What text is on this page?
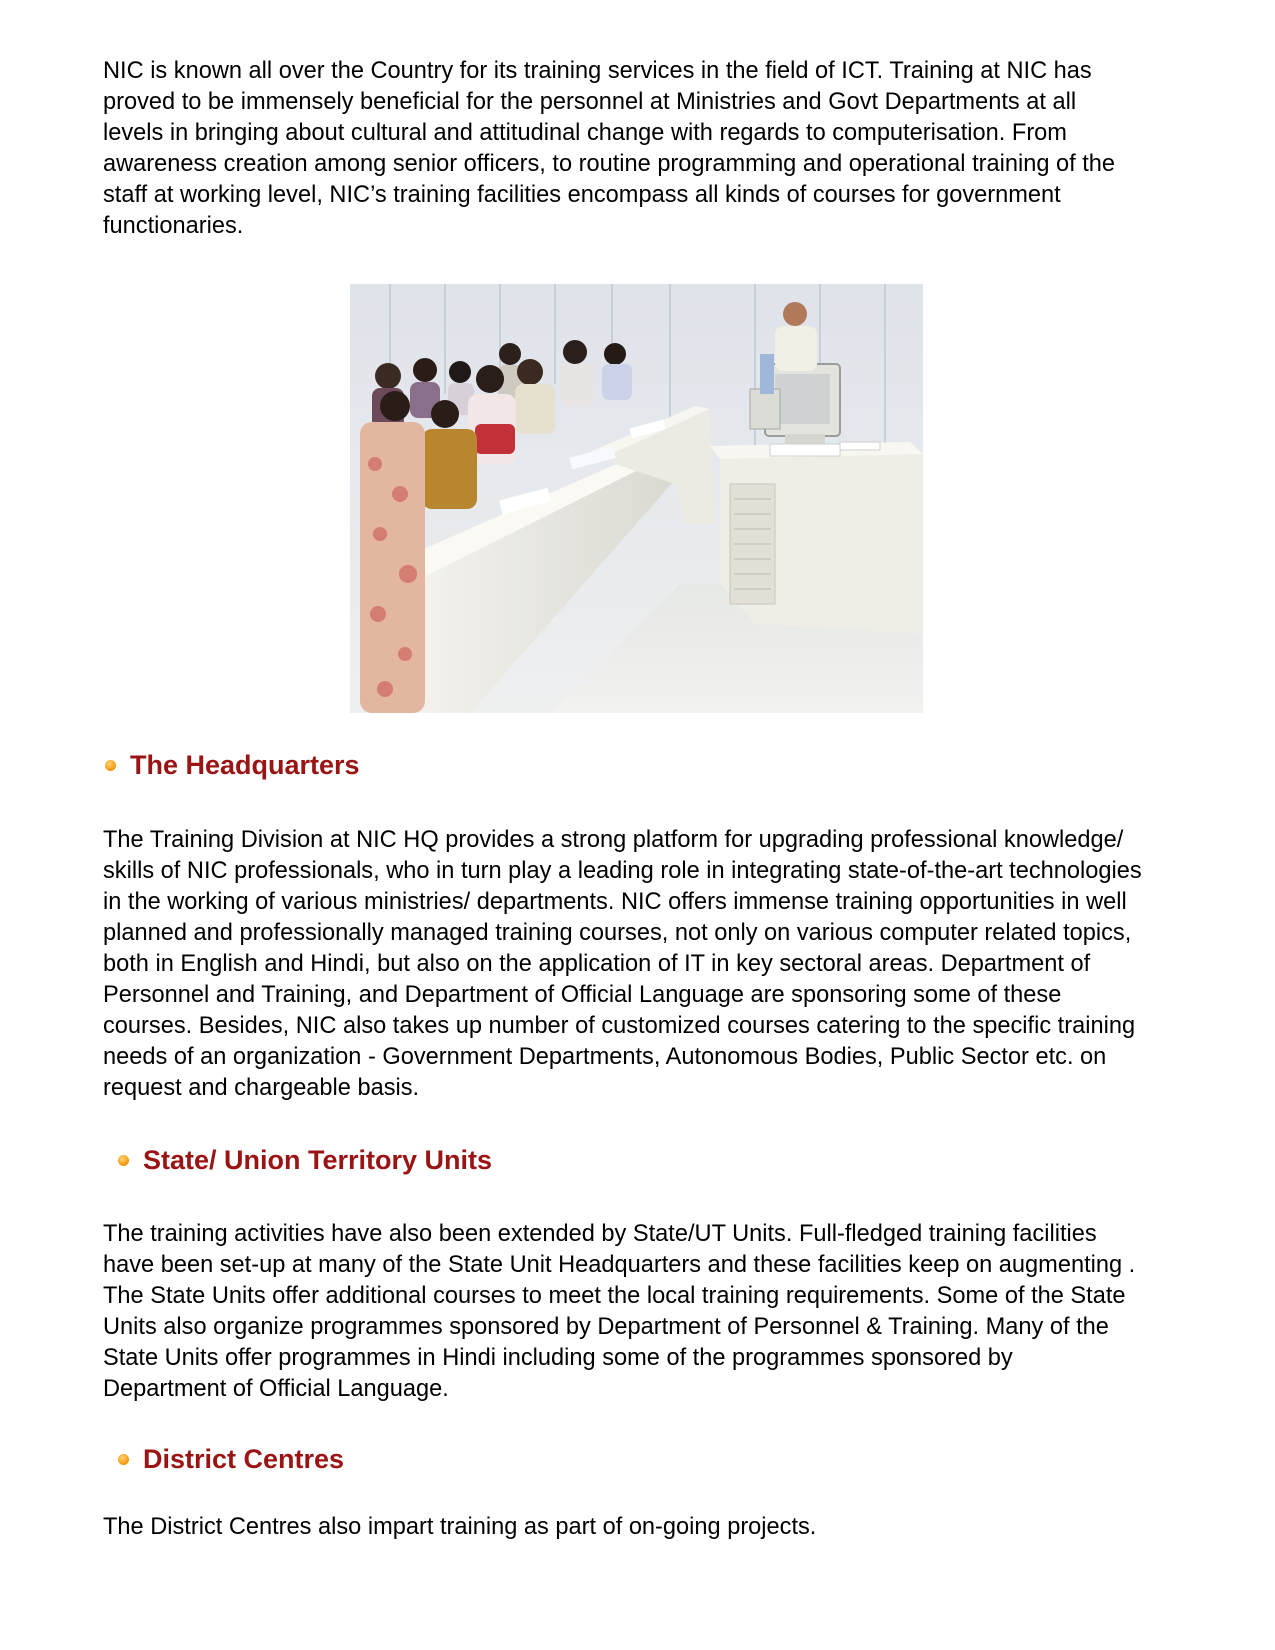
NIC is known all over the Country for its training services in the field of ICT. Training at NIC has
proved to be immensely beneficial for the personnel at Ministries and Govt Departments at all
levels in bringing about cultural and attitudinal change with regards to computerisation. From
awareness creation among senior officers, to routine programming and operational training of the
staff at working level, NIC’s training facilities encompass all kinds of courses for government
functionaries.

The Headquarters

The Training Division at NIC HQ provides a strong platform for upgrading professional knowledge/
skills of NIC professionals, who in turn play a leading role in integrating state-of-the-art technologies
in the working of various ministries/ departments. NIC offers immense training opportunities in well
planned and professionally managed training courses, not only on various computer related topics,
both in English and Hindi, but also on the application of IT in key sectoral areas. Department of
Personnel and Training, and Department of Official Language are sponsoring some of these
courses. Besides, NIC also takes up number of customized courses catering to the specific training
needs of an organization - Government Departments, Autonomous Bodies, Public Sector etc. on
request and chargeable basis.

State/ Union Territory Units

The training activities have also been extended by State/UT Units. Full-fledged training facilities
have been set-up at many of the State Unit Headquarters and these facilities keep on augmenting .
The State Units offer additional courses to meet the local training requirements. Some of the State
Units also organize programmes sponsored by Department of Personnel & Training. Many of the
State Units offer programmes in Hindi including some of the programmes sponsored by
Department of Official Language.

District Centres

The District Centres also impart training as part of on-going projects.
